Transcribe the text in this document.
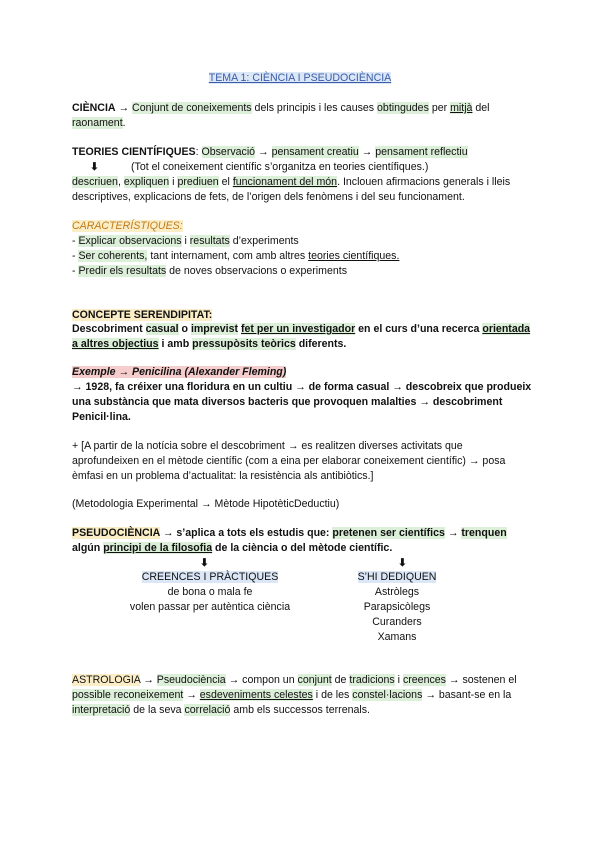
TEMA 1: CIÈNCIA I PSEUDOCIÈNCIA
CIÈNCIA → Conjunt de coneixements dels principis i les causes obtingudes per mitjà del raonament.
TEORIES CIENTÍFIQUES: Observació → pensament creatiu → pensament reflectiu
⬇	(Tot el coneixement científic s’organitza en teories científiques.)
descriuen, expliquen i prediuen el funcionament del món. Inclouen afirmacions generals i lleis descriptives, explicacions de fets, de l’origen dels fenòmens i del seu funcionament.
CARACTERÍSTIQUES:
- Explicar observacions i resultats d’experiments
- Ser coherents, tant internament, com amb altres teories científiques.
- Predir els resultats de noves observacions o experiments
CONCEPTE SERENDIPITAT:
Descobriment casual o imprevist fet per un investigador en el curs d’una recerca orientada a altres objectius i amb pressupòsits teòrics diferents.
Exemple → Penicilina (Alexander Fleming)
→ 1928, fa créixer una floridura en un cultiu → de forma casual → descobreix que produeix una substància que mata diversos bacteris que provoquen malalties → descobriment Penicil·lina.
+ [A partir de la notícia sobre el descobriment → es realitzen diverses activitats que aprofundeixen en el mètode científic (com a eina per elaborar coneixement científic) → posa èmfasi en un problema d’actualitat: la resistència als antibiòtics.]
(Metodologia Experimental → Mètode HipotèticDeductiu)
PSEUDOCIÈNCIA → s’aplica a tots els estudis que: pretenen ser científics → trenquen algún principi de la filosofia de la ciència o del mètode científic.
⬇	⬇
CREENCES I PRÀCTIQUES
de bona o mala fe
volen passar per autèntica ciència
S’HI DEDIQUEN
Astròlegs
Parapsicòlegs
Curanders
Xamans
ASTROLOGIA → Pseudociència → compon un conjunt de tradicions i creences → sostenen el possible reconeixement → esdeveniments celestes i de les constel·lacions → basant-se en la interpretació de la seva correlació amb els successos terrenals.
